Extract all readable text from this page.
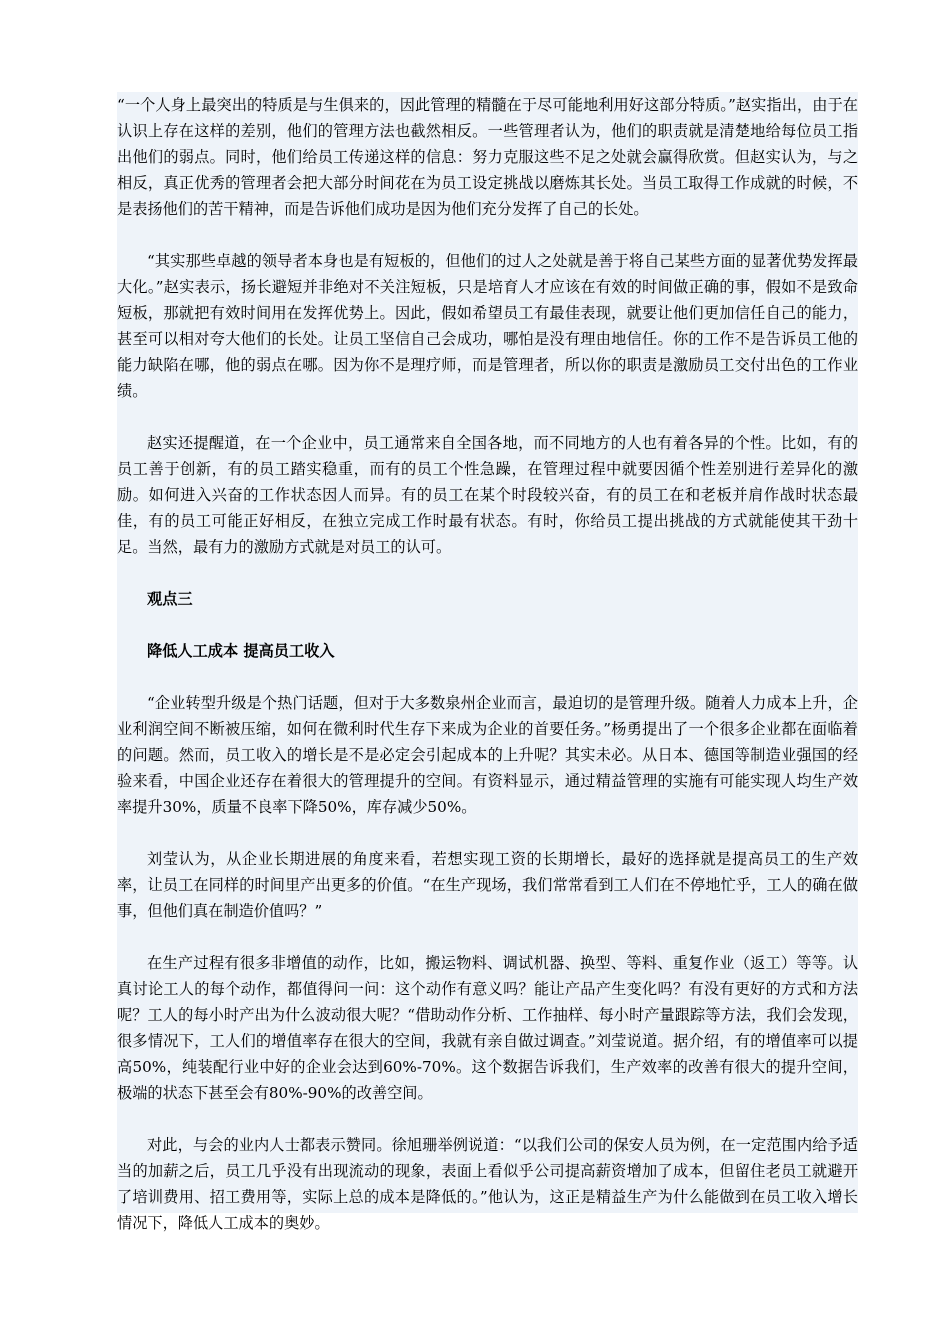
“一个人身上最突出的特质是与生俱来的，因此管理的精髓在于尽可能地利用好这部分特质。”赵实指出，由于在认识上存在这样的差别，他们的管理方法也截然相反。一些管理者认为，他们的职责就是清楚地给每位员工指出他们的弱点。同时，他们给员工传递这样的信息：努力克服这些不足之处就会赢得欣赏。但赵实认为，与之相反，真正优秀的管理者会把大部分时间花在为员工设定挑战以磨炼其长处。当员工取得工作成就的时候，不是表扬他们的苦干精神，而是告诉他们成功是因为他们充分发挥了自己的长处。

“其实那些卓越的领导者本身也是有短板的，但他们的过人之处就是善于将自己某些方面的显著优势发挥最大化。”赵实表示，扬长避短并非绝对不关注短板，只是培育人才应该在有效的时间做正确的事，假如不是致命短板，那就把有效时间用在发挥优势上。因此，假如希望员工有最佳表现，就要让他们更加信任自己的能力，甚至可以相对夸大他们的长处。让员工坚信自己会成功，哪怕是没有理由地信任。你的工作不是告诉员工他的能力缺陷在哪，他的弱点在哪。因为你不是理疗师，而是管理者，所以你的职责是激励员工交付出色的工作业绩。

赵实还提醒道，在一个企业中，员工通常来自全国各地，而不同地方的人也有着各异的个性。比如，有的员工善于创新，有的员工踏实稳重，而有的员工个性急躁，在管理过程中就要因循个性差别进行差异化的激励。如何进入兴奋的工作状态因人而异。有的员工在某个时段较兴奋，有的员工在和老板并肩作战时状态最佳，有的员工可能正好相反，在独立完成工作时最有状态。有时，你给员工提出挑战的方式就能使其干劲十足。当然，最有力的激励方式就是对员工的认可。

观点三

降低人工成本 提高员工收入

“企业转型升级是个热门话题，但对于大多数泉州企业而言，最迫切的是管理升级。随着人力成本上升，企业利润空间不断被压缩，如何在微利时代生存下来成为企业的首要任务。”杨勇提出了一个很多企业都在面临着的问题。然而，员工收入的增长是不是必定会引起成本的上升呢？其实未必。从日本、德国等制造业强国的经验来看，中国企业还存在着很大的管理提升的空间。有资料显示，通过精益管理的实施有可能实现人均生产效率提升30%，质量不良率下降50%，库存减少50%。

刘莹认为，从企业长期进展的角度来看，若想实现工资的长期增长，最好的选择就是提高员工的生产效率，让员工在同样的时间里产出更多的价值。“在生产现场，我们常常看到工人们在不停地忙乎，工人的确在做事，但他们真在制造价值吗？”

在生产过程有很多非增值的动作，比如，搬运物料、调试机器、换型、等料、重复作业（返工）等等。认真讨论工人的每个动作，都值得问一问：这个动作有意义吗？能让产品产生变化吗？有没有更好的方式和方法呢？工人的每小时产出为什么波动很大呢？“借助动作分析、工作抽样、每小时产量跟踪等方法，我们会发现，很多情况下，工人们的增值率存在很大的空间，我就有亲自做过调查。”刘莹说道。据介绍，有的增值率可以提高50%，纯装配行业中好的企业会达到60%-70%。这个数据告诉我们，生产效率的改善有很大的提升空间，极端的状态下甚至会有80%-90%的改善空间。

对此，与会的业内人士都表示赞同。徐旭珊举例说道：“以我们公司的保安人员为例，在一定范围内给予适当的加薪之后，员工几乎没有出现流动的现象，表面上看似乎公司提高薪资增加了成本，但留住老员工就避开了培训费用、招工费用等，实际上总的成本是降低的。”他认为，这正是精益生产为什么能做到在员工收入增长情况下，降低人工成本的奥妙。
